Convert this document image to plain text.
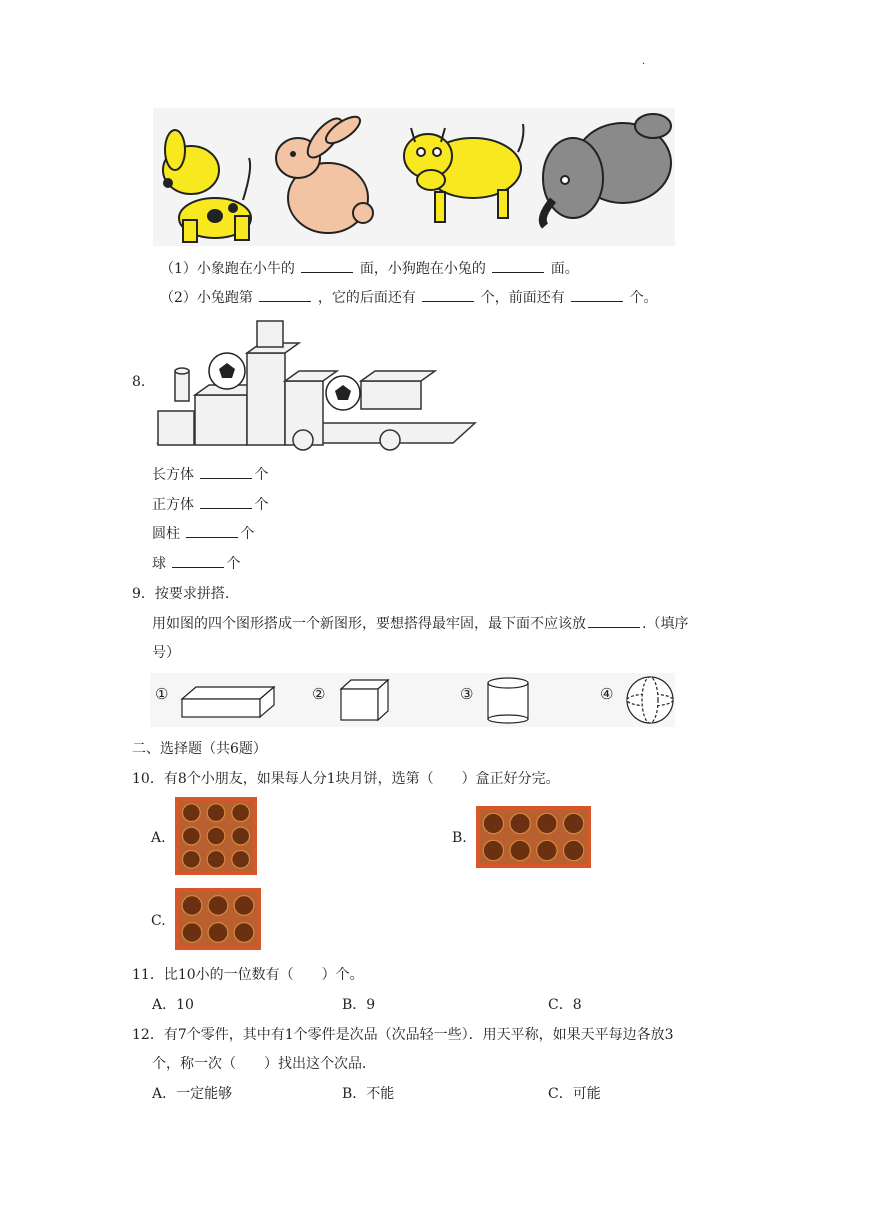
.
（1）小象跑在小牛的	面，小狗跑在小兔的	面。
（2）小兔跑第	，它的后面还有	个，前面还有	个。
8.
长方体	个
正方体	个
圆柱	个
球	个
9．按要求拼搭.
用如图的四个图形搭成一个新图形，要想搭得最牢固，最下面不应该放	.（填序
号）
①	②	③	④
二、选择题（共6题）
10．有8个小朋友，如果每人分1块月饼，选第（　　）盒正好分完。
A.	B.
C.
11．比10小的一位数有（　　）个。
A．10	B．9	C．8
12．有7个零件，其中有1个零件是次品（次品轻一些）．用天平称，如果天平每边各放3
个，称一次（　　）找出这个次品．
A．一定能够	B．不能	C．可能
